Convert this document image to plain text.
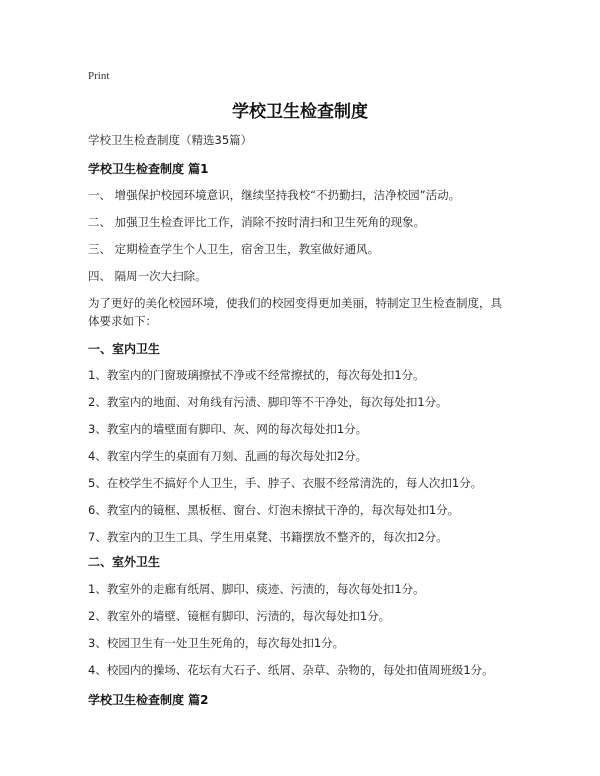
Print
学校卫生检查制度

学校卫生检查制度（精选35篇）

学校卫生检查制度 篇1

一、 增强保护校园环境意识，继续坚持我校“不扔勤扫，洁净校园”活动。

二、 加强卫生检查评比工作，消除不按时清扫和卫生死角的现象。

三、 定期检查学生个人卫生，宿舍卫生，教室做好通风。

四、 隔周一次大扫除。

为了更好的美化校园环境，使我们的校园变得更加美丽，特制定卫生检查制度，具体要求如下：

一、室内卫生

1、教室内的门窗玻璃擦拭不净或不经常擦拭的，每次每处扣1分。

2、教室内的地面、对角线有污渍、脚印等不干净处，每次每处扣1分。

3、教室内的墙壁面有脚印、灰、网的每次每处扣1分。

4、教室内学生的桌面有刀刻、乱画的每次每处扣2分。

5、在校学生不搞好个人卫生，手、脖子、衣服不经常清洗的，每人次扣1分。

6、教室内的镜框、黑板框、窗台、灯泡未擦拭干净的，每次每处扣1分。

7、教室内的卫生工具、学生用桌凳、书籍摆放不整齐的，每次扣2分。

二、室外卫生

1、教室外的走廊有纸屑、脚印、痰迹、污渍的，每次每处扣1分。

2、教室外的墙壁、镜框有脚印、污渍的，每次每处扣1分。

3、校园卫生有一处卫生死角的，每次每处扣1分。

4、校园内的操场、花坛有大石子、纸屑、杂草、杂物的，每处扣值周班级1分。

学校卫生检查制度 篇2
